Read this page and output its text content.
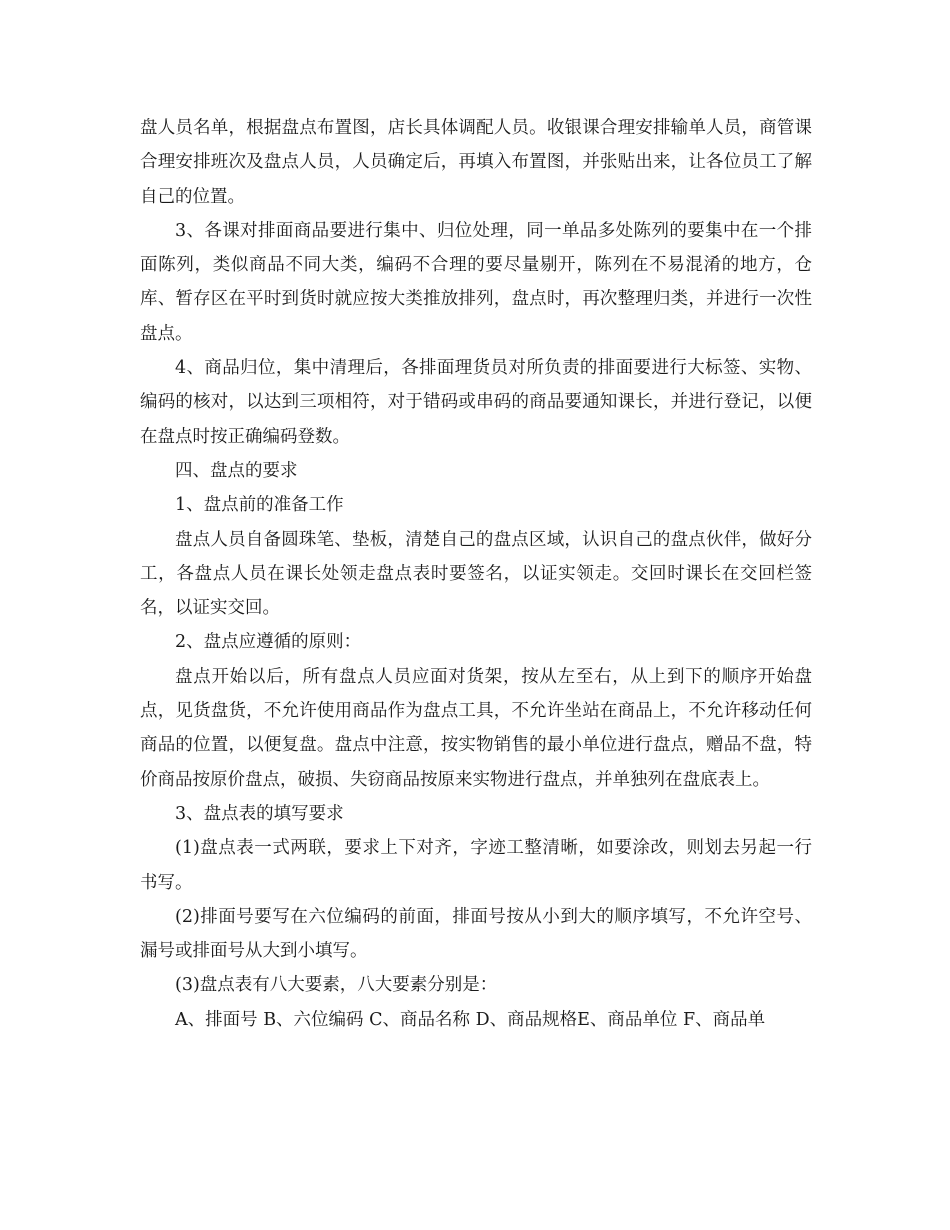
盘人员名单，根据盘点布置图，店长具体调配人员。收银课合理安排输单人员，商管课合理安排班次及盘点人员，人员确定后，再填入布置图，并张贴出来，让各位员工了解自己的位置。

3、各课对排面商品要进行集中、归位处理，同一单品多处陈列的要集中在一个排面陈列，类似商品不同大类，编码不合理的要尽量剔开，陈列在不易混淆的地方，仓库、暂存区在平时到货时就应按大类推放排列，盘点时，再次整理归类，并进行一次性盘点。

4、商品归位，集中清理后，各排面理货员对所负责的排面要进行大标签、实物、编码的核对，以达到三项相符，对于错码或串码的商品要通知课长，并进行登记，以便在盘点时按正确编码登数。

四、盘点的要求

1、盘点前的准备工作

盘点人员自备圆珠笔、垫板，清楚自己的盘点区域，认识自己的盘点伙伴，做好分工，各盘点人员在课长处领走盘点表时要签名，以证实领走。交回时课长在交回栏签名，以证实交回。

2、盘点应遵循的原则：

盘点开始以后，所有盘点人员应面对货架，按从左至右，从上到下的顺序开始盘点，见货盘货，不允许使用商品作为盘点工具，不允许坐站在商品上，不允许移动任何商品的位置，以便复盘。盘点中注意，按实物销售的最小单位进行盘点，赠品不盘，特价商品按原价盘点，破损、失窃商品按原来实物进行盘点，并单独列在盘底表上。

3、盘点表的填写要求

(1)盘点表一式两联，要求上下对齐，字迹工整清晰，如要涂改，则划去另起一行书写。

(2)排面号要写在六位编码的前面，排面号按从小到大的顺序填写，不允许空号、漏号或排面号从大到小填写。

(3)盘点表有八大要素，八大要素分别是：

A、排面号 B、六位编码 C、商品名称 D、商品规格E、商品单位 F、商品单
